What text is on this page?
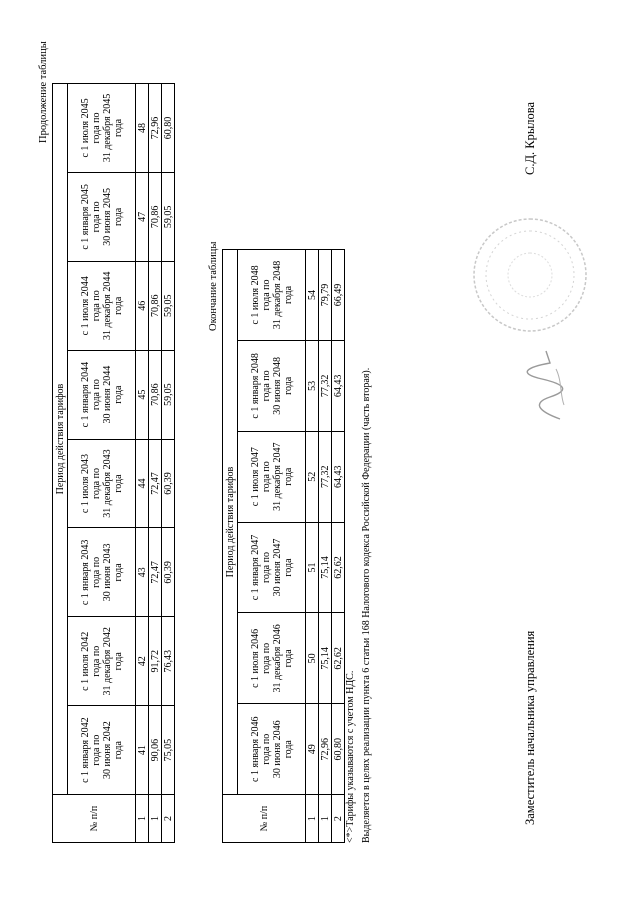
Продолжение таблицы
№ п/п	Период действия тарифов							

	с 1 января 2042
года по
30 июня 2042
года	с 1 июля 2042
года по
31 декабря 2042
года	с 1 января 2043
года по
30 июня 2043
года	с 1 июля 2043
года по
31 декабря 2043
года	с 1 января 2044
года по
30 июня 2044
года	с 1 июля 2044
года по
31 декабря 2044
года	с 1 января 2045
года по
30 июня 2045
года	с 1 июля 2045
года по
31 декабря 2045
года

1	41	42	43	44	45	46	47	48
1	90,06	91,72	72,47	72,47	70,86	70,86	70,86	72,96
2	75,05	76,43	60,39	60,39	59,05	59,05	59,05	60,80
Окончание таблицы
№ п/п	Период действия тарифов					

	с 1 января 2046
года по
30 июня 2046
года	с 1 июля 2046
года по
31 декабря 2046
года	с 1 января 2047
года по
30 июня 2047
года	с 1 июля 2047
года по
31 декабря 2047
года	с 1 января 2048
года по
30 июня 2048
года	с 1 июля 2048
года по
31 декабря 2048
года

1	49	50	51	52	53	54
1	72,96	75,14	75,14	77,32	77,32	79,79
2	60,80	62,62	62,62	64,43	64,43	66,49
<*>Тарифы указываются с учетом НДС. Выделяется в целях реализации пункта 6 статьи 168 Налогового кодекса Российской Федерации (часть вторая).	Заместитель начальника управления
С.Д. Крылова
